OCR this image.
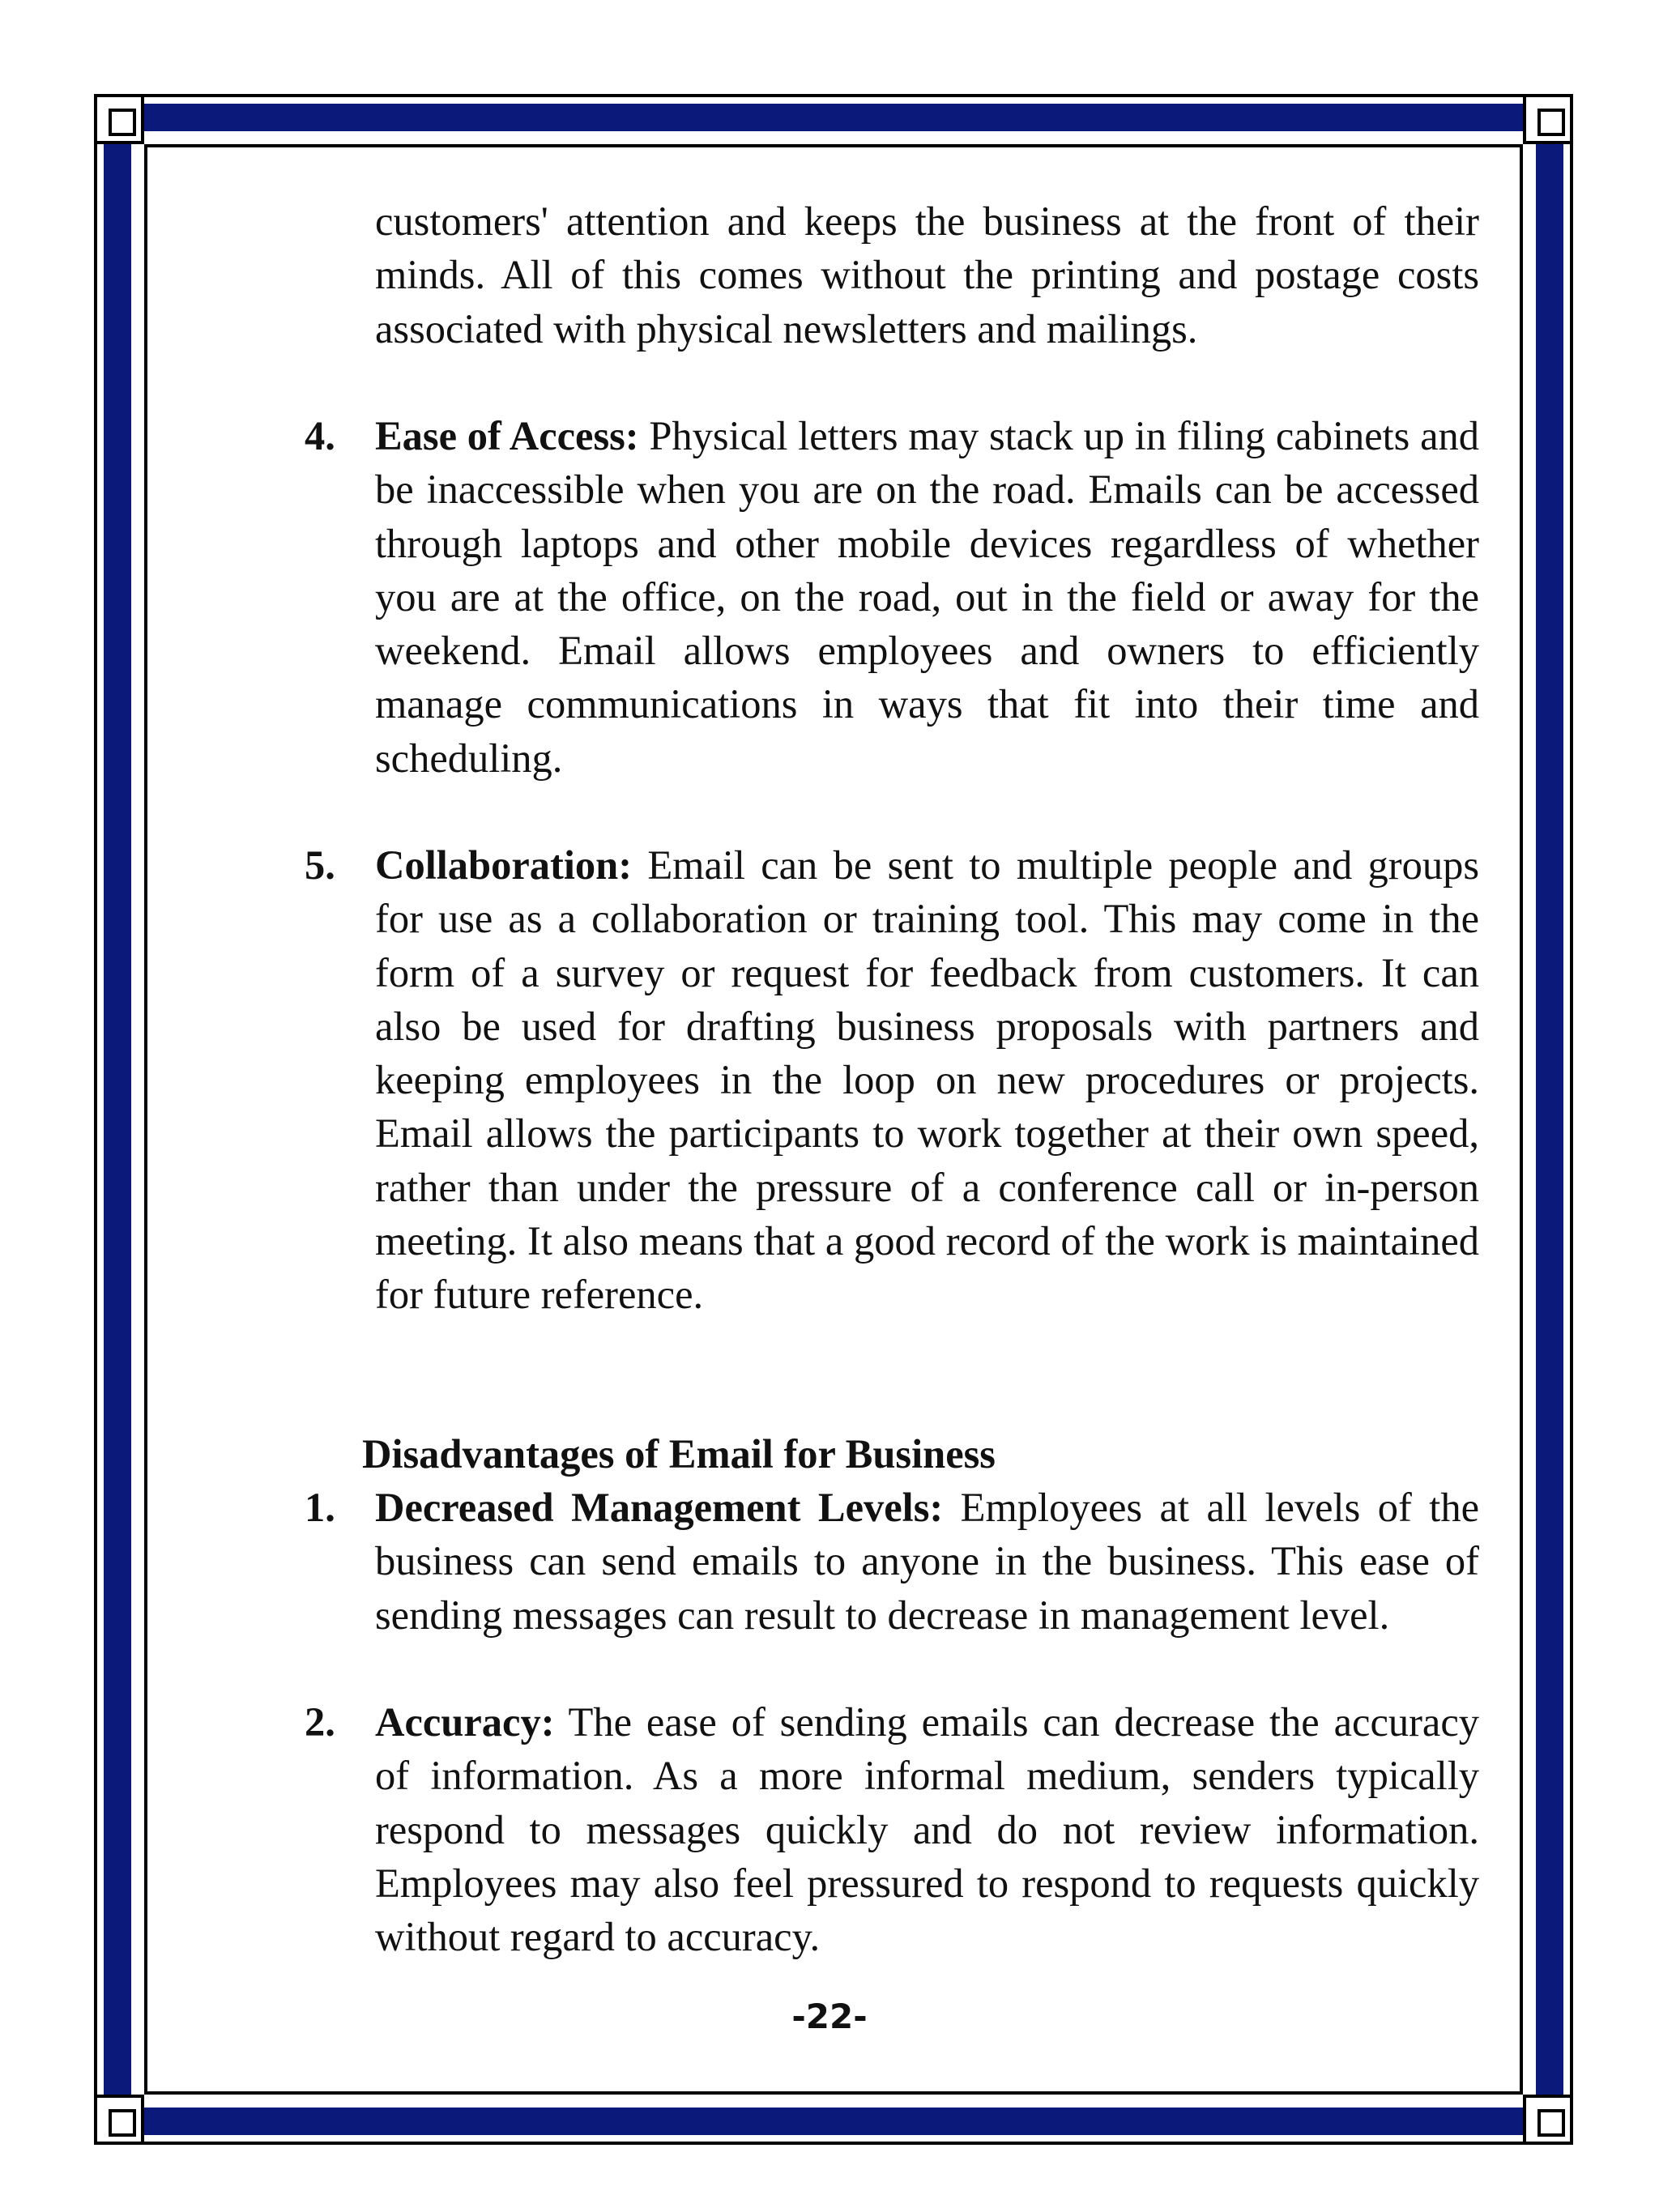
customers' attention and keeps the business at the front of their minds. All of this comes without the printing and postage costs associated with physical newsletters and mailings.

4. Ease of Access: Physical letters may stack up in filing cabinets and be inaccessible when you are on the road. Emails can be accessed through laptops and other mobile devices regardless of whether you are at the office, on the road, out in the field or away for the weekend. Email allows employees and owners to efficiently manage communications in ways that fit into their time and scheduling.
5. Collaboration: Email can be sent to multiple people and groups for use as a collaboration or training tool. This may come in the form of a survey or request for feedback from customers. It can also be used for drafting business proposals with partners and keeping employees in the loop on new procedures or projects. Email allows the participants to work together at their own speed, rather than under the pressure of a conference call or in-person meeting. It also means that a good record of the work is maintained for future reference.

Disadvantages of Email for Business

1. Decreased Management Levels: Employees at all levels of the business can send emails to anyone in the business. This ease of sending messages can result to decrease in management level.
2. Accuracy: The ease of sending emails can decrease the accuracy of information. As a more informal medium, senders typically respond to messages quickly and do not review information. Employees may also feel pressured to respond to requests quickly without regard to accuracy.
-22-
